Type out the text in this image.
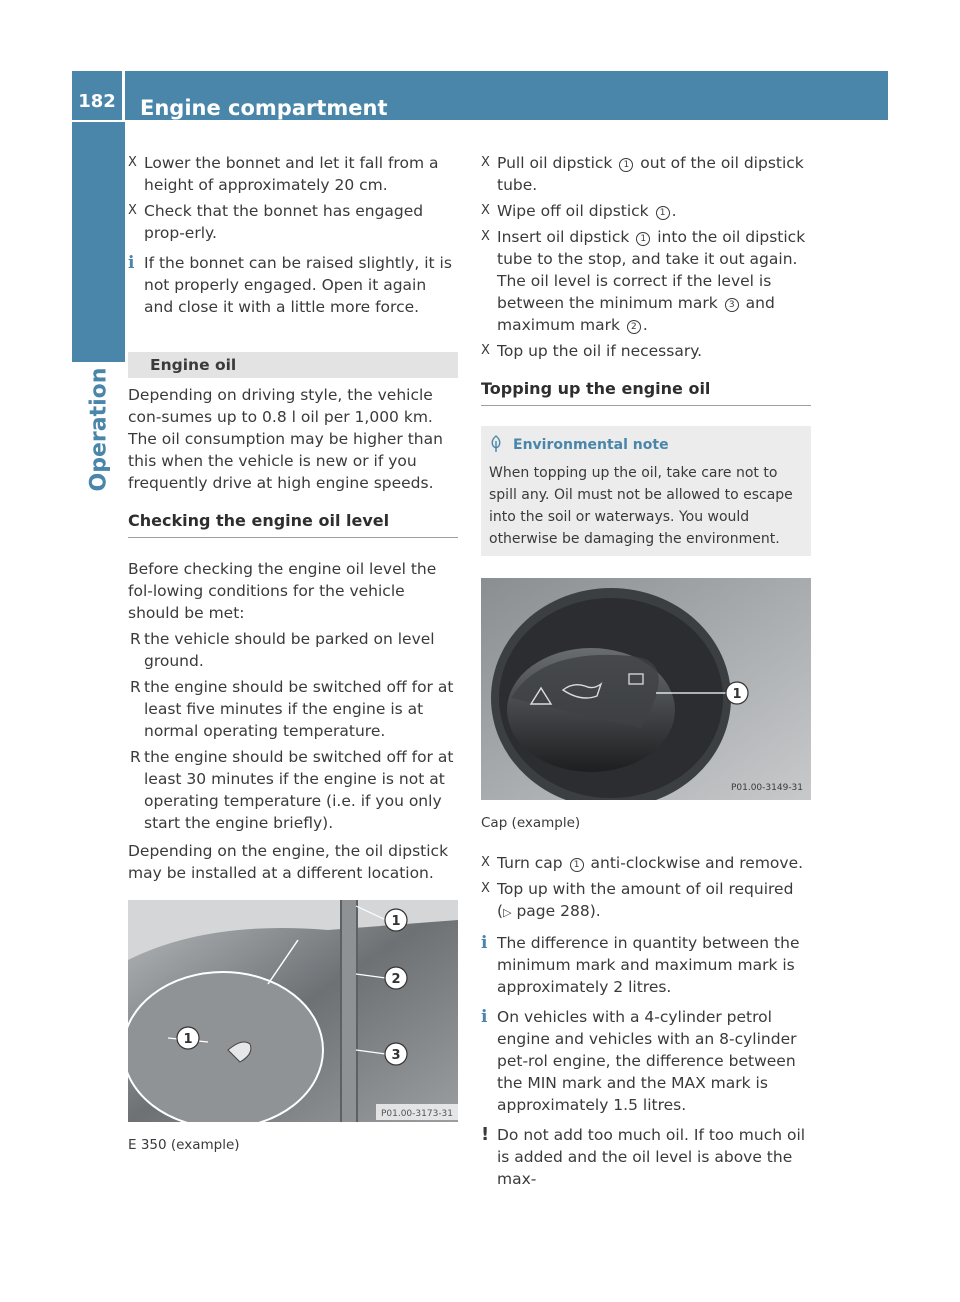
182	Engine compartment
Operation
X Lower the bonnet and let it fall from a height of approximately 20 cm.
X Check that the bonnet has engaged prop-erly.
i If the bonnet can be raised slightly, it is not properly engaged. Open it again and close it with a little more force.
Engine oil
Depending on driving style, the vehicle con-sumes up to 0.8 l oil per 1,000 km. The oil consumption may be higher than this when the vehicle is new or if you frequently drive at high engine speeds.
Checking the engine oil level
Before checking the engine oil level the fol-lowing conditions for the vehicle should be met:
R the vehicle should be parked on level ground.
R the engine should be switched off for at least five minutes if the engine is at normal operating temperature.
R the engine should be switched off for at least 30 minutes if the engine is not at operating temperature (i.e. if you only start the engine briefly).
Depending on the engine, the oil dipstick may be installed at a different location.
1
1
2
3
P01.00-3173-31
E 350 (example)
X Pull oil dipstick 1 out of the oil dipstick tube.
X Wipe off oil dipstick 1 .
X Insert oil dipstick 1 into the oil dipstick tube to the stop, and take it out again. The oil level is correct if the level is between the minimum mark 3 and maximum mark 2 .
X Top up the oil if necessary.
Topping up the engine oil
Environmental note
When topping up the oil, take care not to spill any. Oil must not be allowed to escape into the soil or waterways. You would otherwise be damaging the environment.
1
P01.00-3149-31
Cap (example)
X Turn cap 1 anti-clockwise and remove.
X Top up with the amount of oil required (▷ page 288).
i The difference in quantity between the minimum mark and maximum mark is approximately 2 litres.
i On vehicles with a 4-cylinder petrol engine and vehicles with an 8-cylinder pet-rol engine, the difference between the MIN mark and the MAX mark is approximately 1.5 litres.
! Do not add too much oil. If too much oil is added and the oil level is above the max-
